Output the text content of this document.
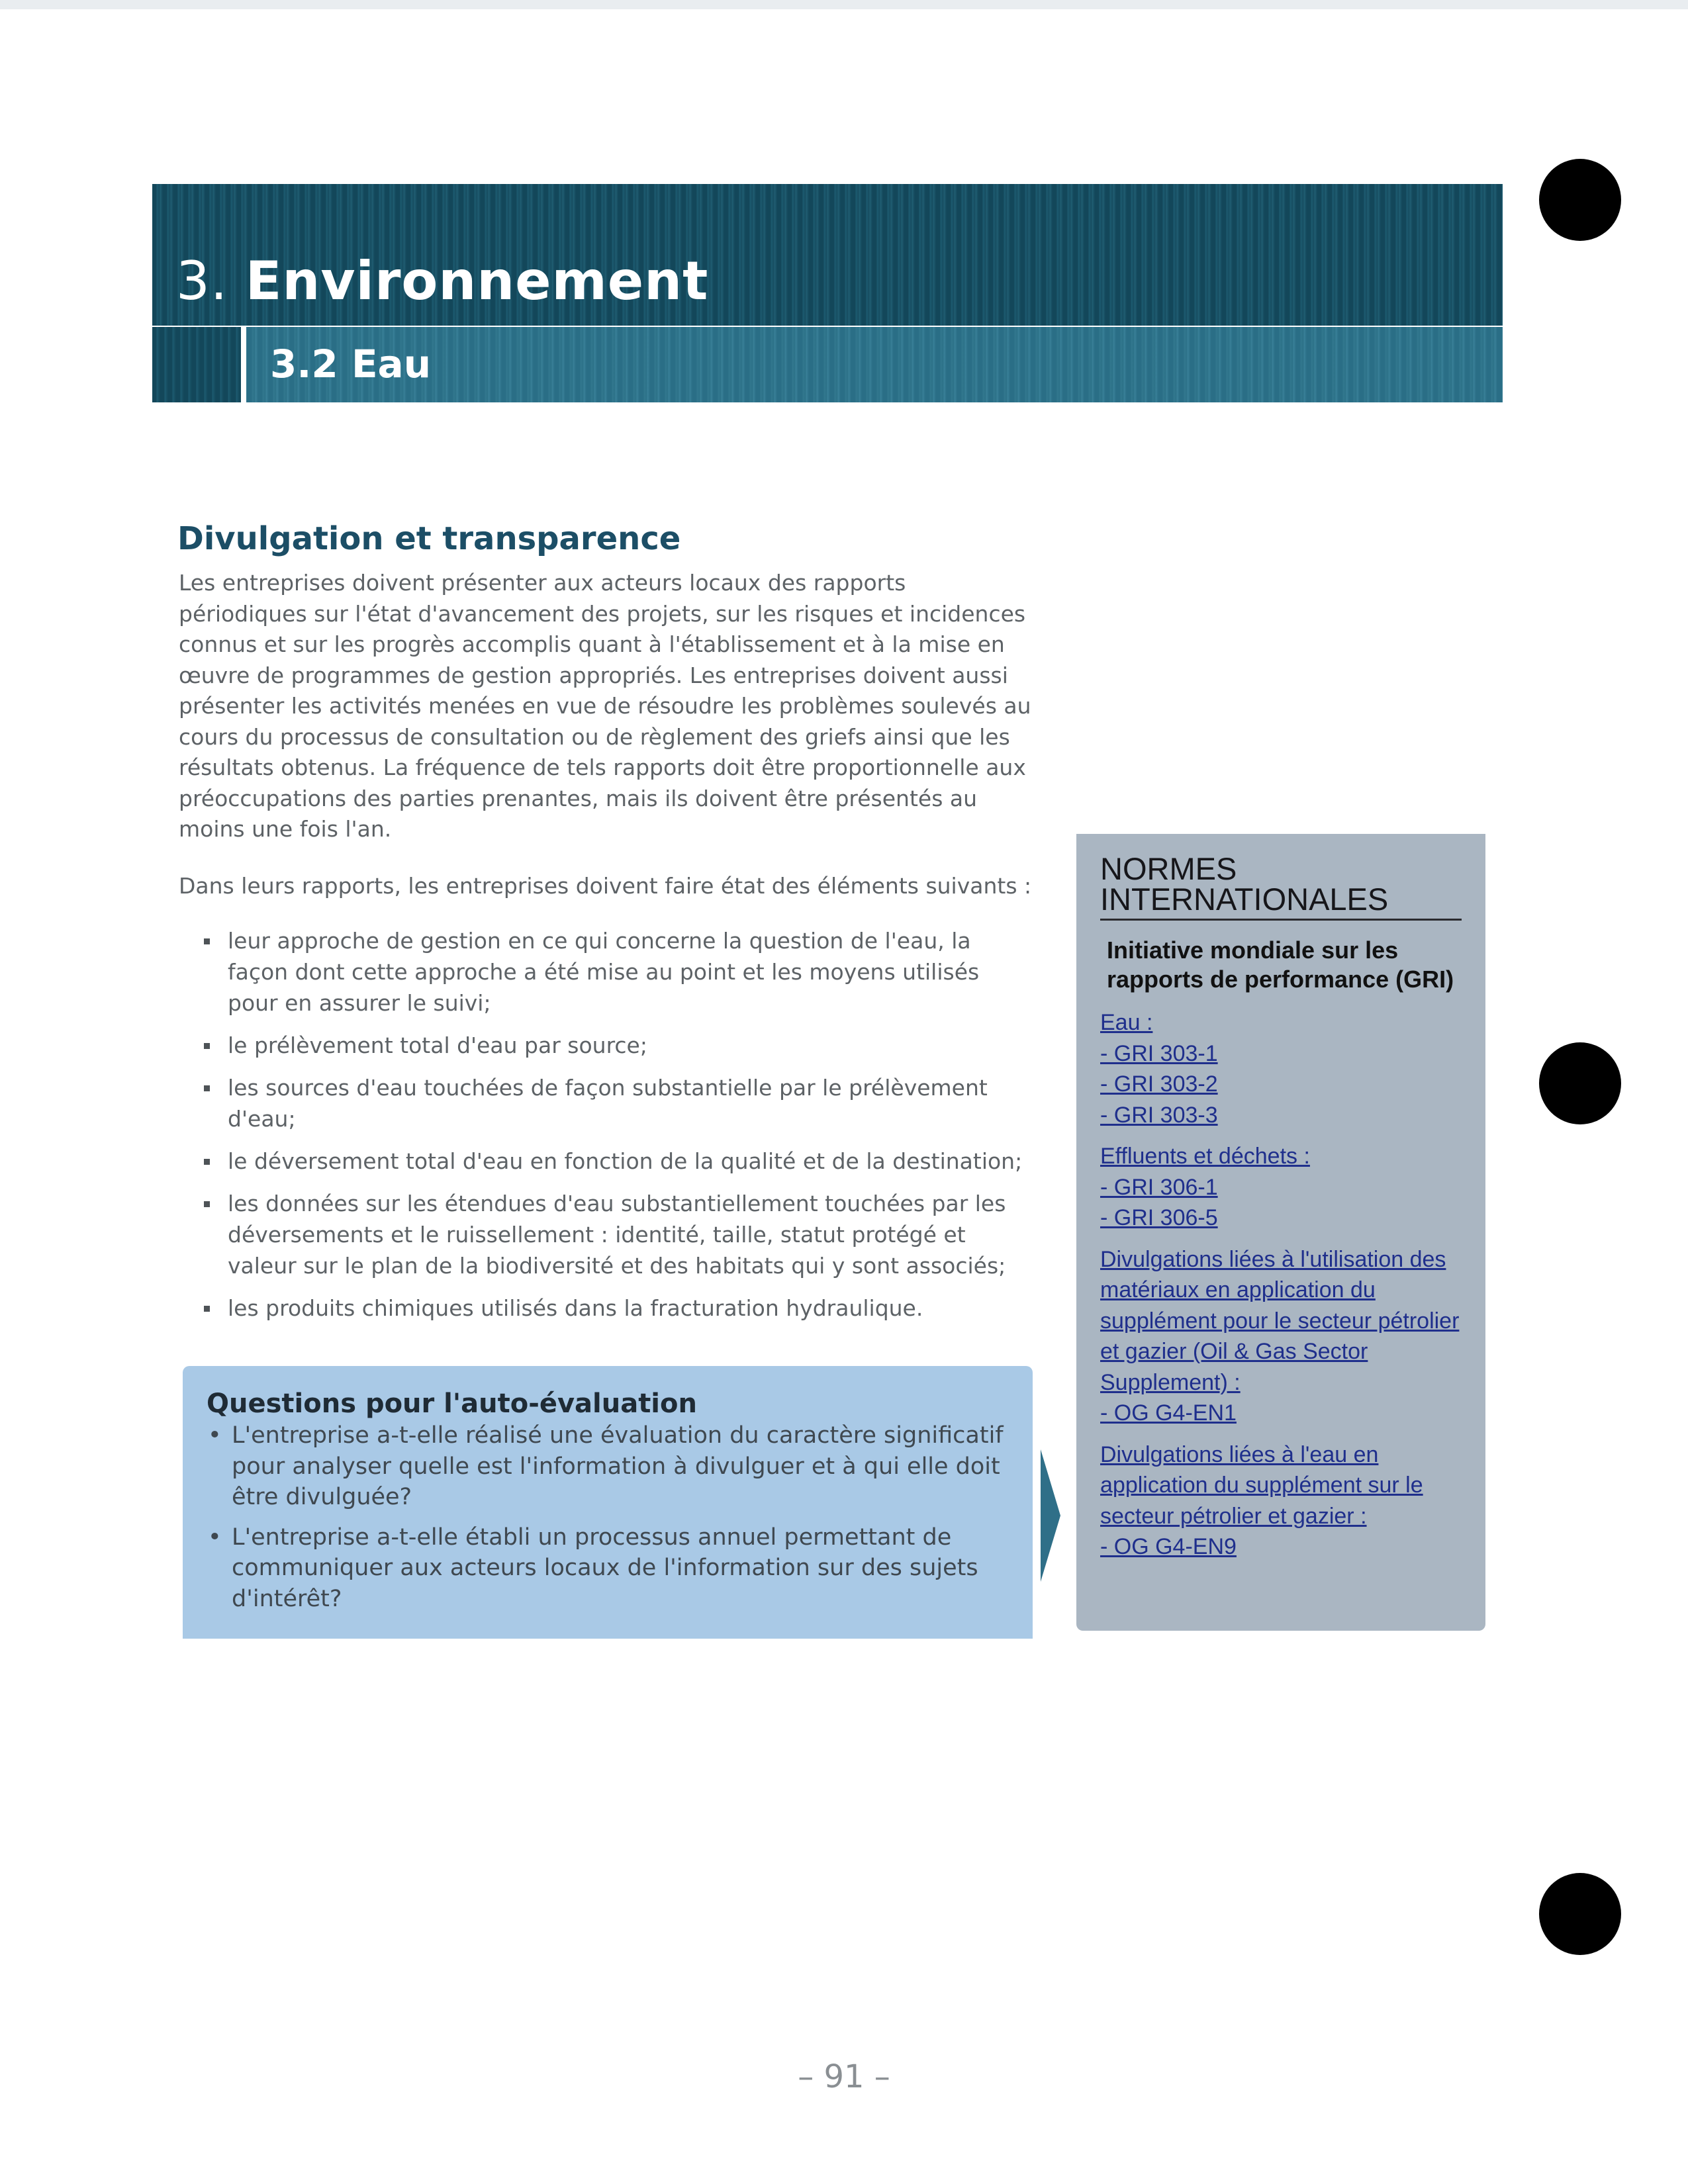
3. Environnement
3.2 Eau
Divulgation et transparence

Les entreprises doivent présenter aux acteurs locaux des rapports périodiques sur l'état d'avancement des projets, sur les risques et incidences connus et sur les progrès accomplis quant à l'établissement et à la mise en œuvre de programmes de gestion appropriés. Les entreprises doivent aussi présenter les activités menées en vue de résoudre les problèmes soulevés au cours du processus de consultation ou de règlement des griefs ainsi que les résultats obtenus. La fréquence de tels rapports doit être proportionnelle aux préoccupations des parties prenantes, mais ils doivent être présentés au moins une fois l'an.

Dans leurs rapports, les entreprises doivent faire état des éléments suivants :

leur approche de gestion en ce qui concerne la question de l'eau, la façon dont cette approche a été mise au point et les moyens utilisés pour en assurer le suivi;
le prélèvement total d'eau par source;
les sources d'eau touchées de façon substantielle par le prélèvement d'eau;
le déversement total d'eau en fonction de la qualité et de la destination;
les données sur les étendues d'eau substantiellement touchées par les déversements et le ruissellement : identité, taille, statut protégé et valeur sur le plan de la biodiversité et des habitats qui y sont associés;
les produits chimiques utilisés dans la fracturation hydraulique.
Questions pour l'auto-évaluation
• L'entreprise a-t-elle réalisé une évaluation du caractère significatif pour analyser quelle est l'information à divulguer et à qui elle doit être divulguée?
• L'entreprise a-t-elle établi un processus annuel permettant de communiquer aux acteurs locaux de l'information sur des sujets d'intérêt?
NORMES INTERNATIONALES

Initiative mondiale sur les rapports de performance (GRI)

Eau :
- GRI 303-1
- GRI 303-2
- GRI 303-3
Effluents et déchets :
- GRI 306-1
- GRI 306-5
Divulgations liées à l'utilisation des matériaux en application du supplément pour le secteur pétrolier et gazier (Oil & Gas Sector Supplement) :
- OG G4-EN1
Divulgations liées à l'eau en application du supplément sur le secteur pétrolier et gazier :
- OG G4-EN9
– 91 –
